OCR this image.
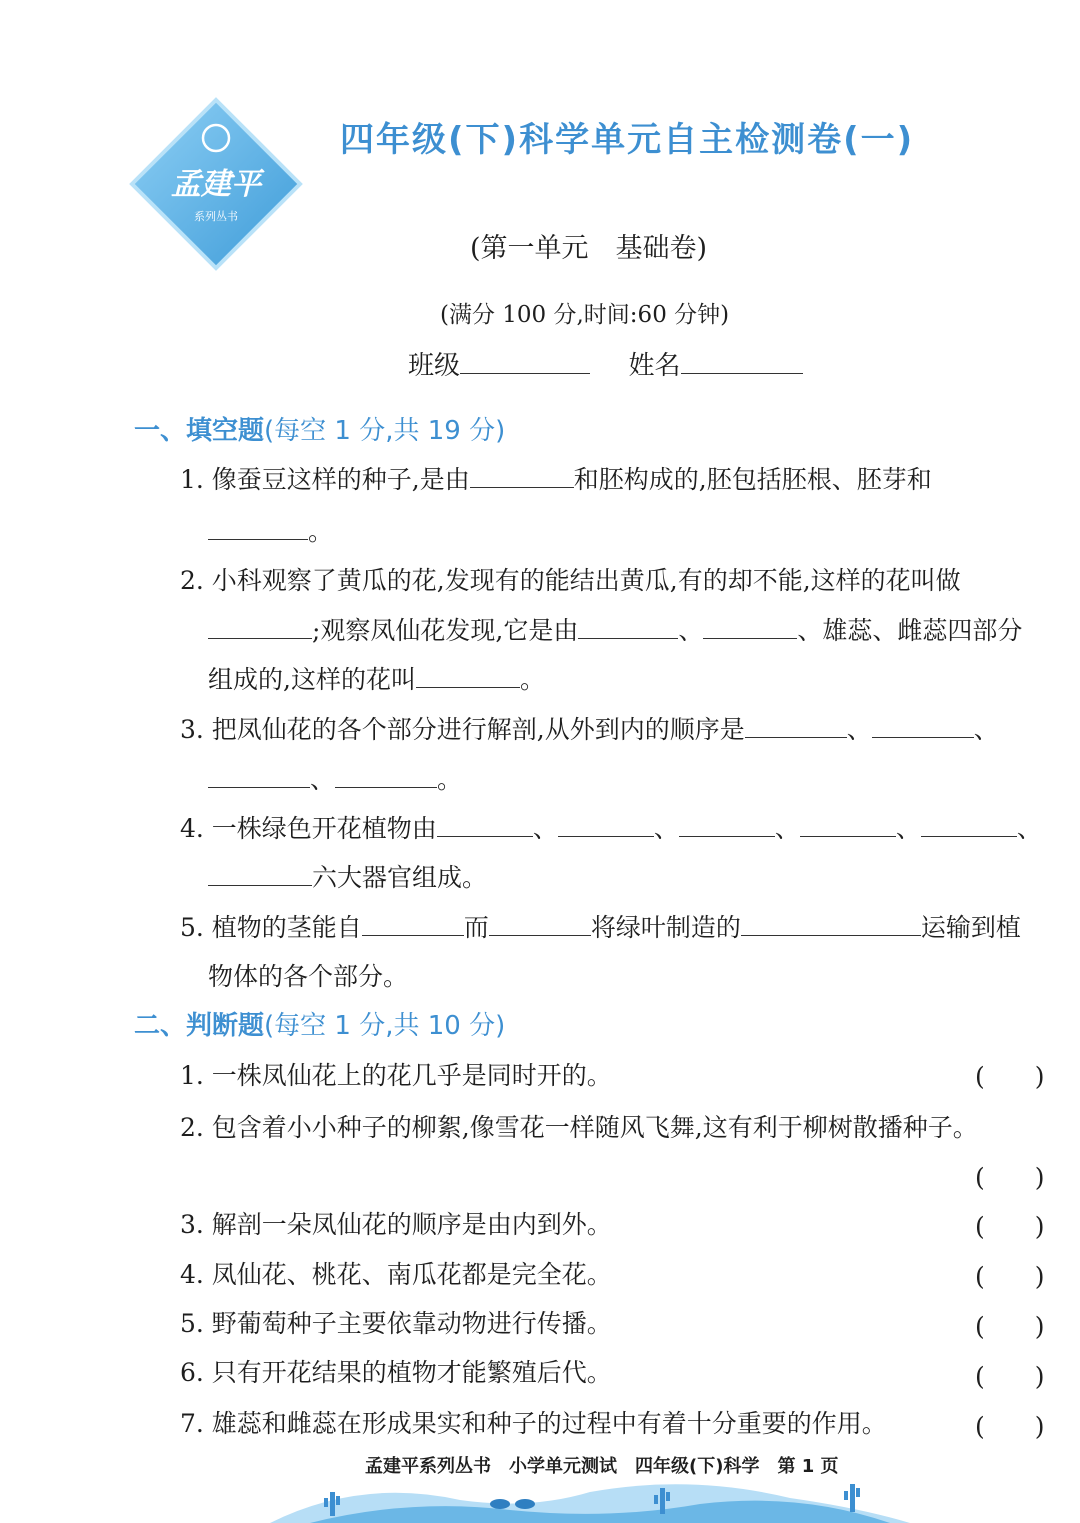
孟建平
系列丛书
四年级(下)科学单元自主检测卷(一)
(第一单元　基础卷)
(满分 100 分,时间:60 分钟)
班级	姓名
一、填空题(每空 1 分,共 19 分)
1. 像蚕豆这样的种子,是由	和胚构成的,胚包括胚根、胚芽和
。
2. 小科观察了黄瓜的花,发现有的能结出黄瓜,有的却不能,这样的花叫做
;观察凤仙花发现,它是由	、	、雄蕊、雌蕊四部分
组成的,这样的花叫	。
3. 把凤仙花的各个部分进行解剖,从外到内的顺序是	、	、
、	。
4. 一株绿色开花植物由	、	、	、	、	、
六大器官组成。
5. 植物的茎能自	而	将绿叶制造的	运输到植
物体的各个部分。
二、判断题(每空 1 分,共 10 分)
1. 一株凤仙花上的花几乎是同时开的。	(　　)
2. 包含着小小种子的柳絮,像雪花一样随风飞舞,这有利于柳树散播种子。
(　　)
3. 解剖一朵凤仙花的顺序是由内到外。	(　　)
4. 凤仙花、桃花、南瓜花都是完全花。	(　　)
5. 野葡萄种子主要依靠动物进行传播。	(　　)
6. 只有开花结果的植物才能繁殖后代。	(　　)
7. 雄蕊和雌蕊在形成果实和种子的过程中有着十分重要的作用。	(　　)
孟建平系列丛书　小学单元测试　四年级(下)科学　第 1 页
